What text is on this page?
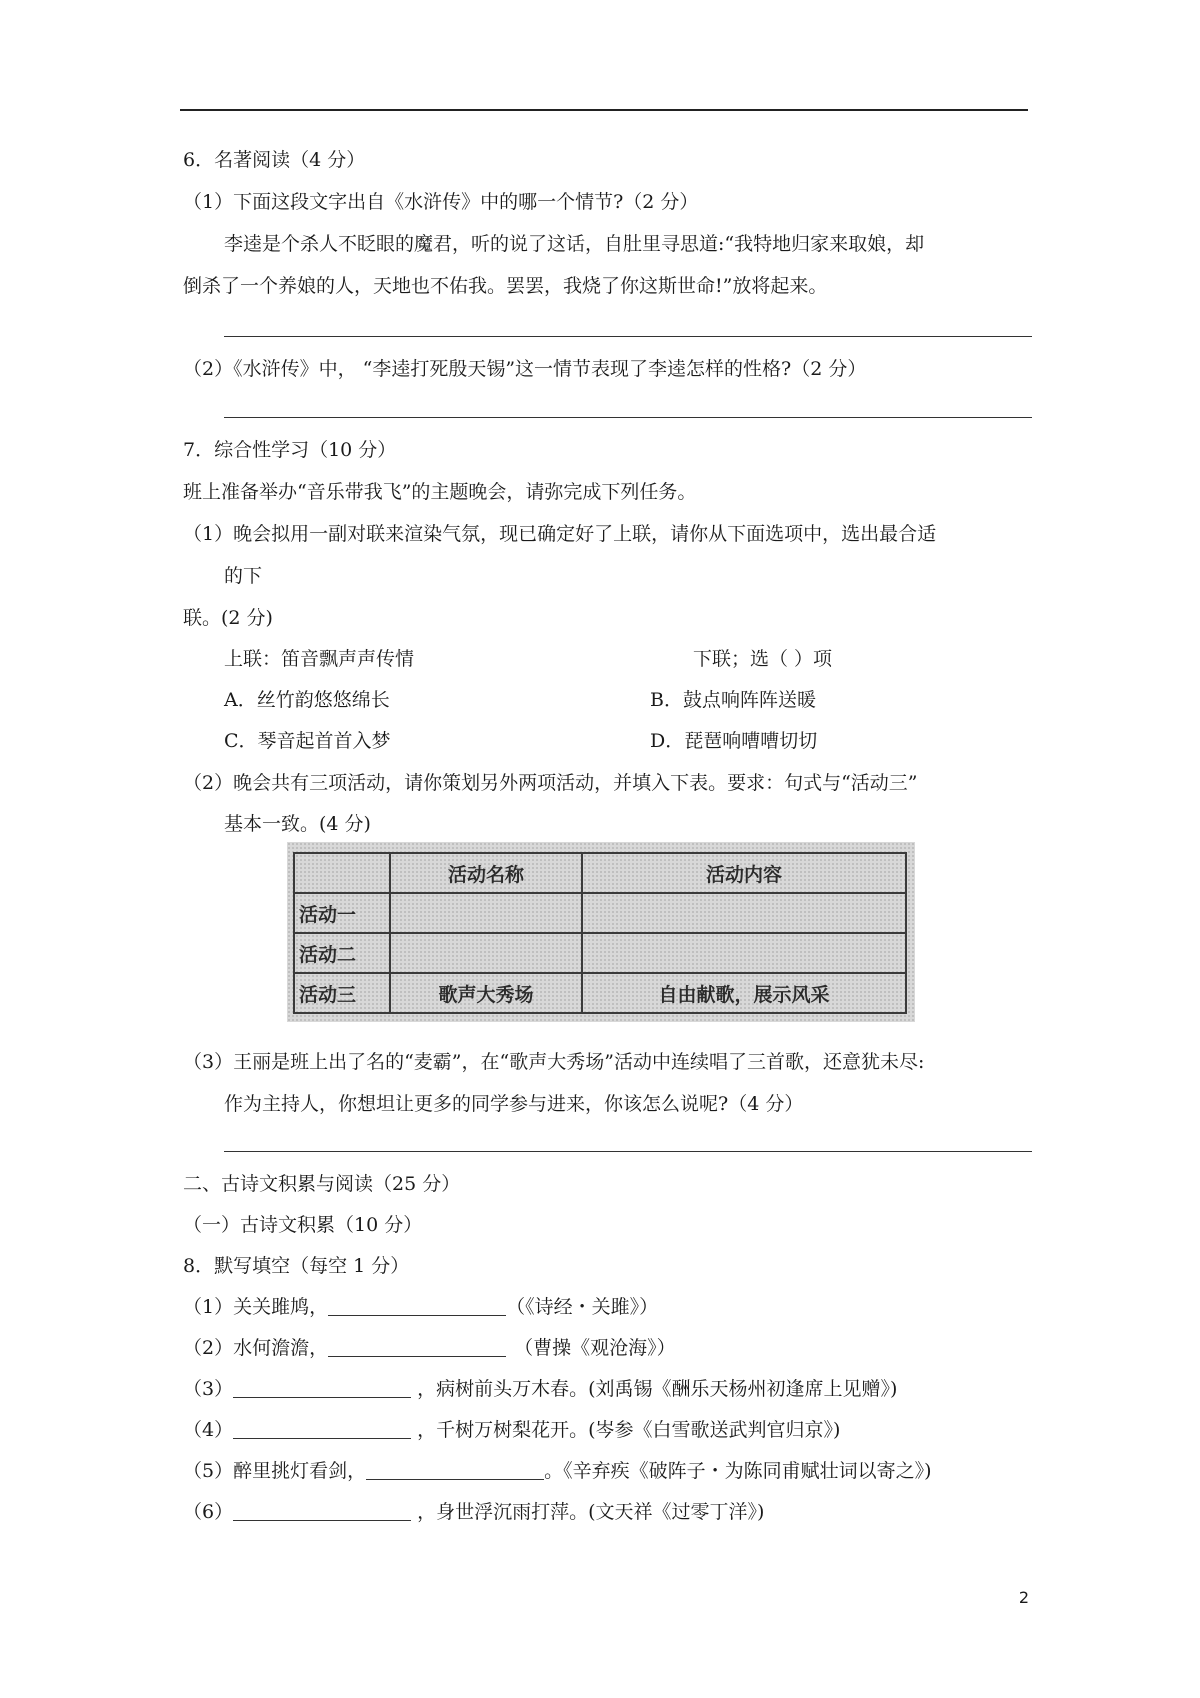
6．名著阅读（4 分）
（1）下面这段文字出自《水浒传》中的哪一个情节?（2 分）
李逵是个杀人不眨眼的魔君，听的说了这话，自肚里寻思道:“我特地归家来取娘，却
倒杀了一个养娘的人，天地也不佑我。罢罢，我烧了你这斯世命!”放将起来。
（2）《水浒传》中， “李逵打死殷天锡”这一情节表现了李逵怎样的性格?（2 分）
7．综合性学习（10 分）
班上准备举办“音乐带我飞”的主题晚会，请弥完成下列任务。
（1）晚会拟用一副对联来渲染气氛，现已确定好了上联，请你从下面选项中，选出最合适
的下
联。(2 分)
上联：笛音飘声声传情	下联；选（ ）项
A．丝竹韵悠悠绵长	B．鼓点响阵阵送暖
C．琴音起首首入梦	D．琵琶响嘈嘈切切
（2）晚会共有三项活动，请你策划另外两项活动，并填入下表。要求：句式与“活动三”
基本一致。(4 分)
	活动名称	活动内容
活动一		
活动二		
活动三	歌声大秀场	自由献歌，展示风采
（3）王丽是班上出了名的“麦霸”，在“歌声大秀场”活动中连续唱了三首歌，还意犹未尽:
作为主持人，你想坦让更多的同学参与进来，你该怎么说呢?（4 分）
二、古诗文积累与阅读（25 分）
（一）古诗文积累（10 分）
8．默写填空（每空 1 分）
（1）关关雎鸠，	（《诗经・关雎》）
（2）水何澹澹，	（曹操《观沧海》）
（3）	，病树前头万木春。(刘禹锡《酬乐天杨州初逢席上见赠》)
（4）	，千树万树梨花开。(岑参《白雪歌送武判官归京》)
（5）醉里挑灯看剑，	。《辛弃疾《破阵子・为陈同甫赋壮词以寄之》)
（6）	，身世浮沉雨打萍。(文天祥《过零丁洋》)
2
